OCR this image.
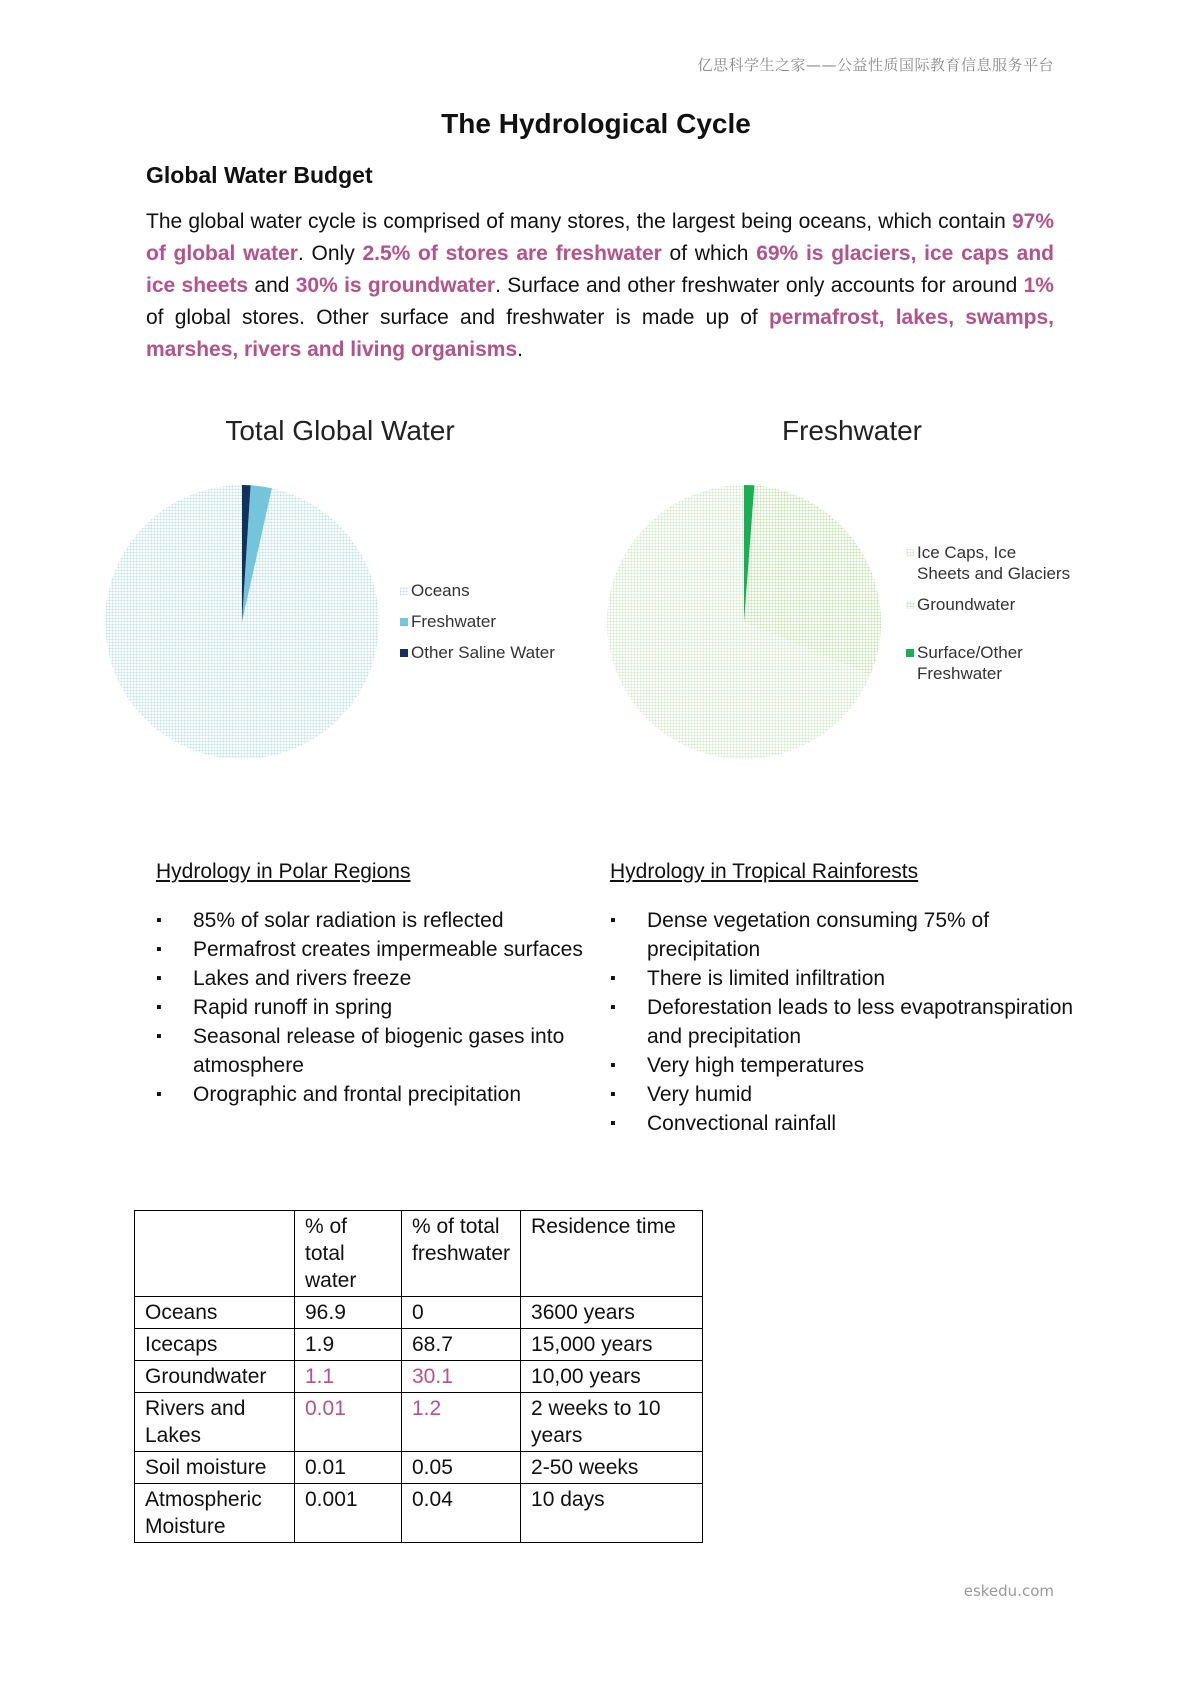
亿思科学生之家——公益性质国际教育信息服务平台
The Hydrological Cycle
Global Water Budget

The global water cycle is comprised of many stores, the largest being oceans, which contain 97% of global water. Only 2.5% of stores are freshwater of which 69% is glaciers, ice caps and ice sheets and 30% is groundwater. Surface and other freshwater only accounts for around 1% of global stores. Other surface and freshwater is made up of permafrost, lakes, swamps, marshes, rivers and living organisms.

Total Global Water
Oceans
Freshwater
Other Saline Water
Freshwater
Ice Caps, Ice Sheets and Glaciers
Groundwater
Surface/Other Freshwater
Hydrology in Polar Regions
▪ 85% of solar radiation is reflected
▪ Permafrost creates impermeable surfaces
▪ Lakes and rivers freeze
▪ Rapid runoff in spring
▪ Seasonal release of biogenic gases into atmosphere
▪ Orographic and frontal precipitation
Hydrology in Tropical Rainforests
▪ Dense vegetation consuming 75% of precipitation
▪ There is limited infiltration
▪ Deforestation leads to less evapotranspiration and precipitation
▪ Very high temperatures
▪ Very humid
▪ Convectional rainfall
	% of total water	% of total freshwater	Residence time
Oceans	96.9	0	3600 years
Icecaps	1.9	68.7	15,000 years
Groundwater	1.1	30.1	10,00 years
Rivers and Lakes	0.01	1.2	2 weeks to 10 years
Soil moisture	0.01	0.05	2-50 weeks
Atmospheric Moisture	0.001	0.04	10 days
eskedu.com
